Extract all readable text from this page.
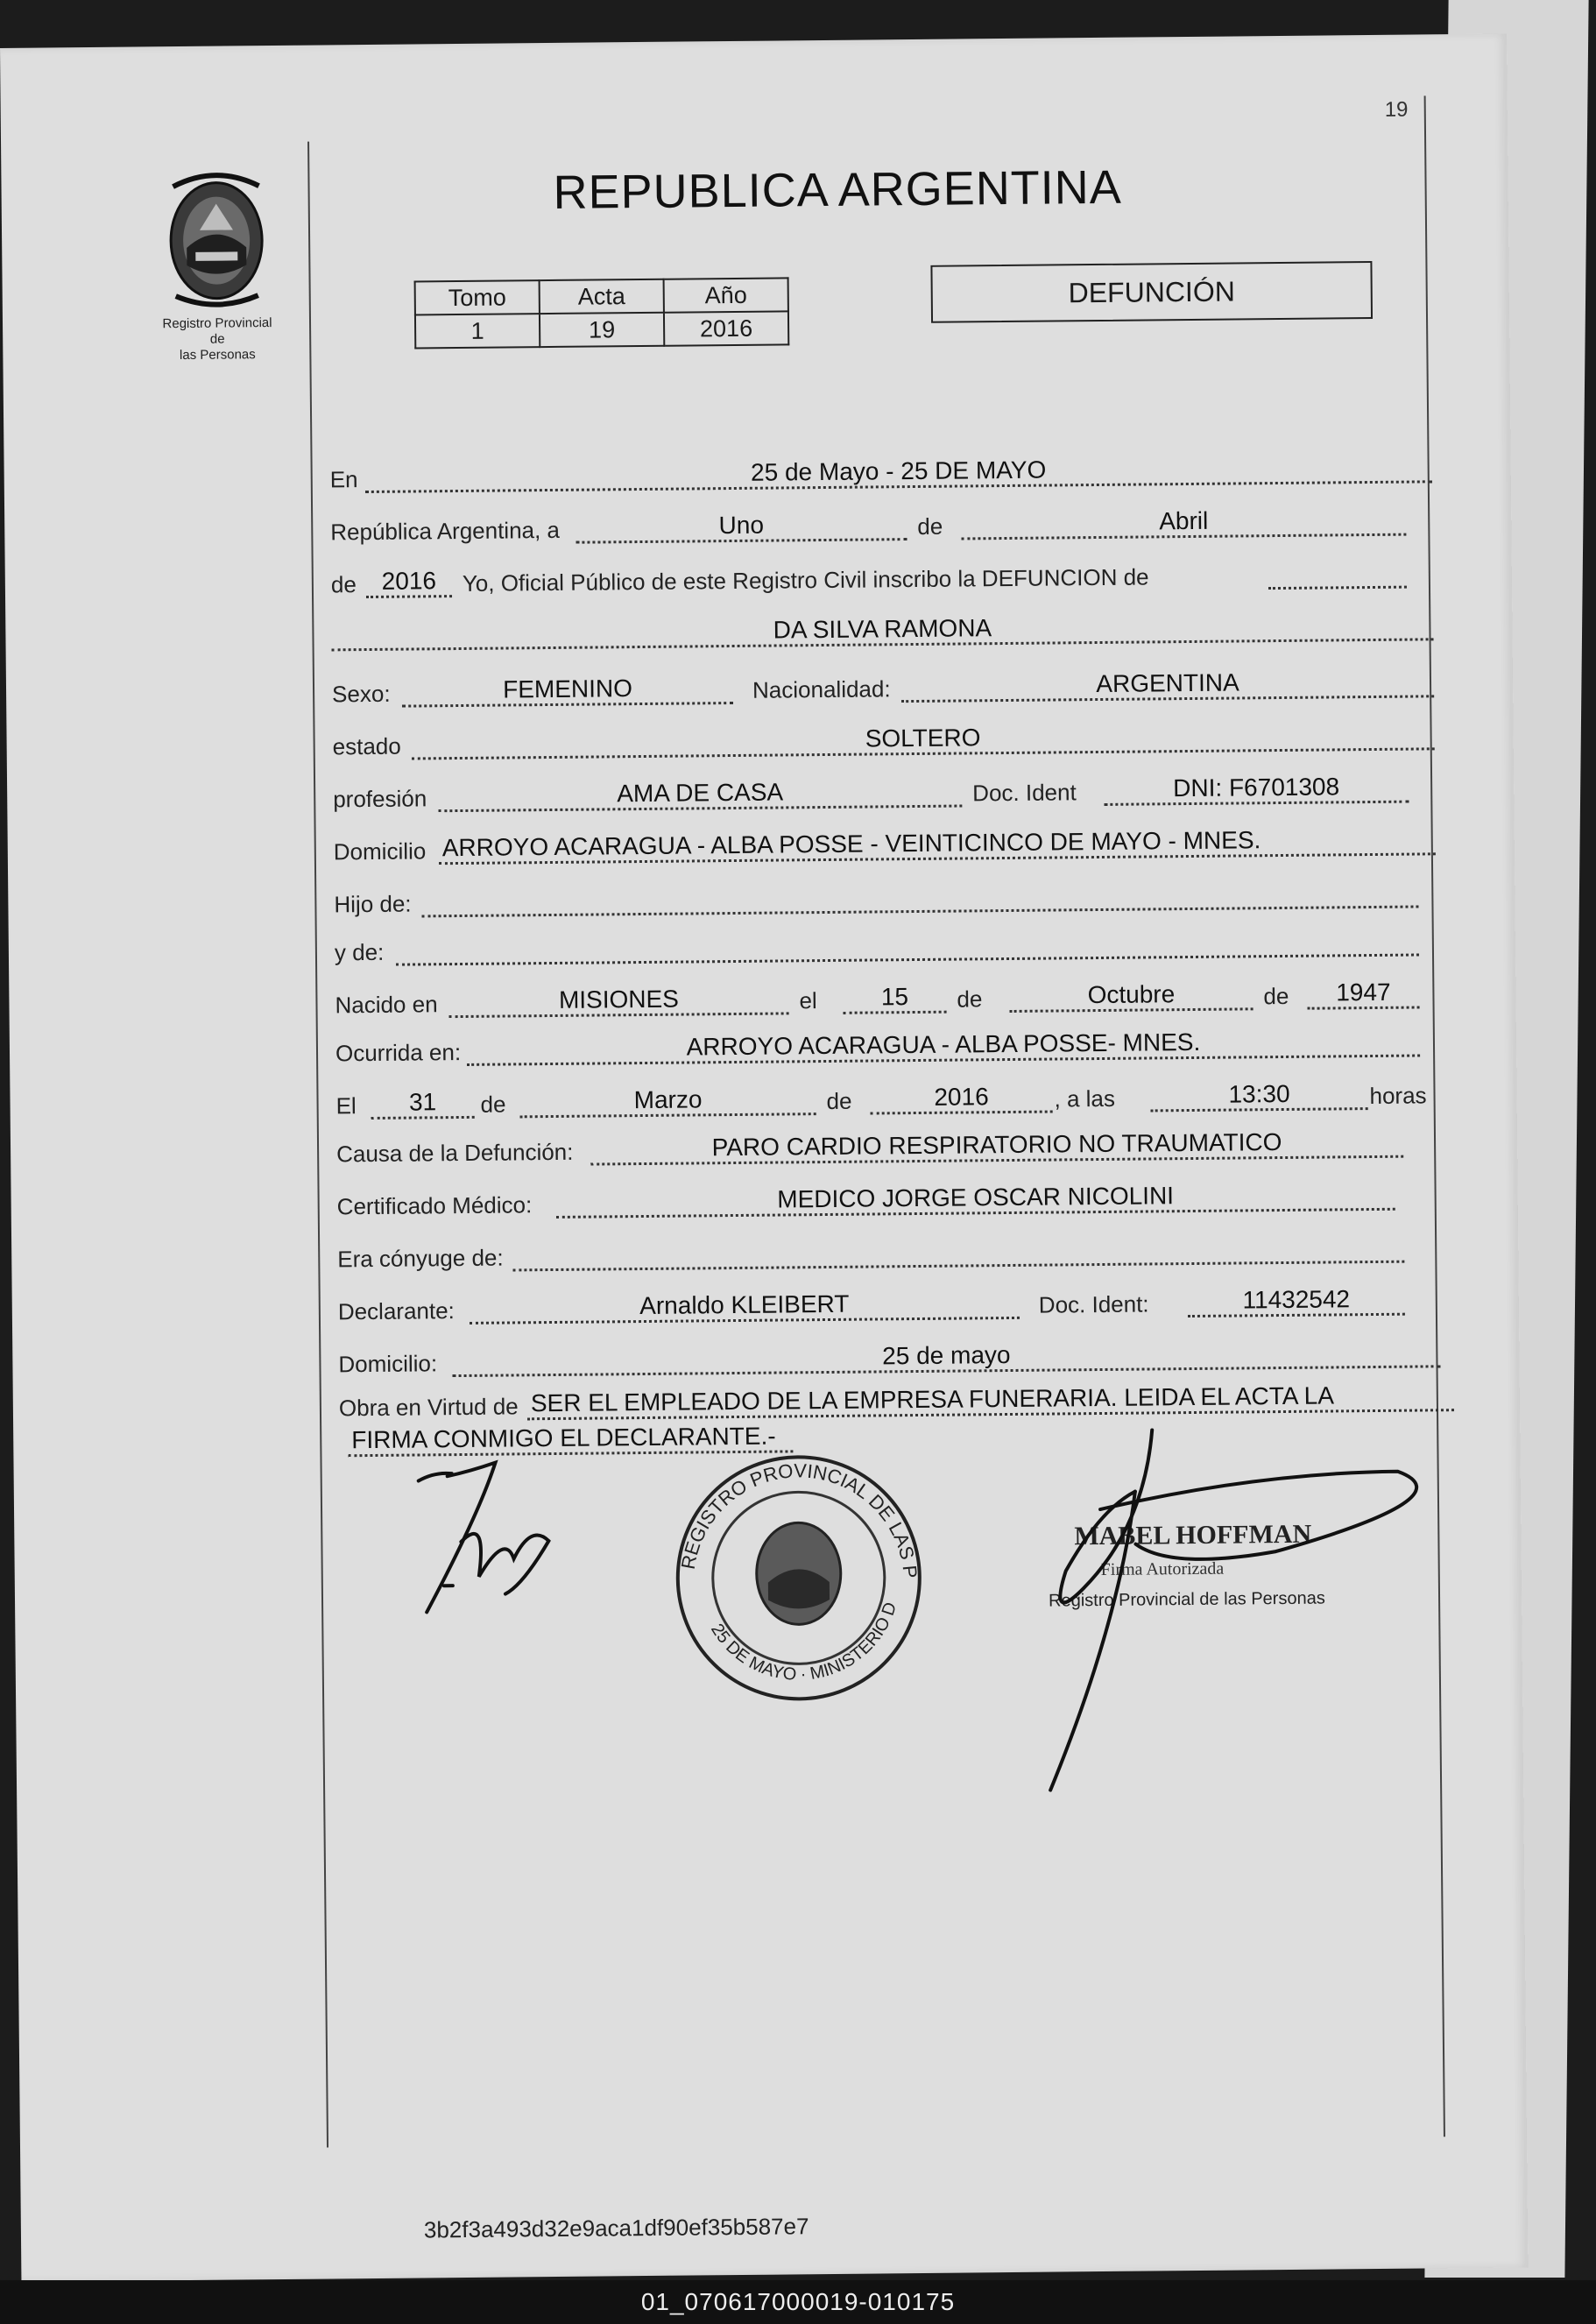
19
Registro Provincial de
las Personas
REPUBLICA ARGENTINA
Tomo	Acta	Año
1	19	2016
DEFUNCIÓN
En	25 de Mayo - 25 DE MAYO
República Argentina, a	Uno	de	Abril
de	2016	Yo, Oficial Público de este Registro Civil inscribo la DEFUNCION de
DA SILVA RAMONA
Sexo:	FEMENINO	Nacionalidad:	ARGENTINA
estado	SOLTERO
profesión	AMA DE CASA	Doc. Ident	DNI: F6701308
Domicilio ARROYO ACARAGUA - ALBA POSSE - VEINTICINCO DE MAYO - MNES.
Hijo de:
y de:
Nacido en	MISIONES	el	15	de	Octubre	de	1947
Ocurrida en:	ARROYO ACARAGUA - ALBA POSSE- MNES.
El	31	de	Marzo	de	2016	, a las	13:30	horas
Causa de la Defunción:	PARO CARDIO RESPIRATORIO NO TRAUMATICO
Certificado Médico:	MEDICO JORGE OSCAR NICOLINI
Era cónyuge de:
Declarante:	Arnaldo KLEIBERT	Doc. Ident:	11432542
Domicilio:	25 de mayo
Obra en Virtud de SER EL EMPLEADO DE LA EMPRESA FUNERARIA. LEIDA EL ACTA LA
FIRMA CONMIGO EL DECLARANTE.-
REGISTRO PROVINCIAL DE LAS PERSONAS
25 DE MAYO · MINISTERIO DE GOBIERNO
MABEL HOFFMAN
Firma Autorizada
Registro Provincial de las Personas
3b2f3a493d32e9aca1df90ef35b587e7
01_070617000019-010175
